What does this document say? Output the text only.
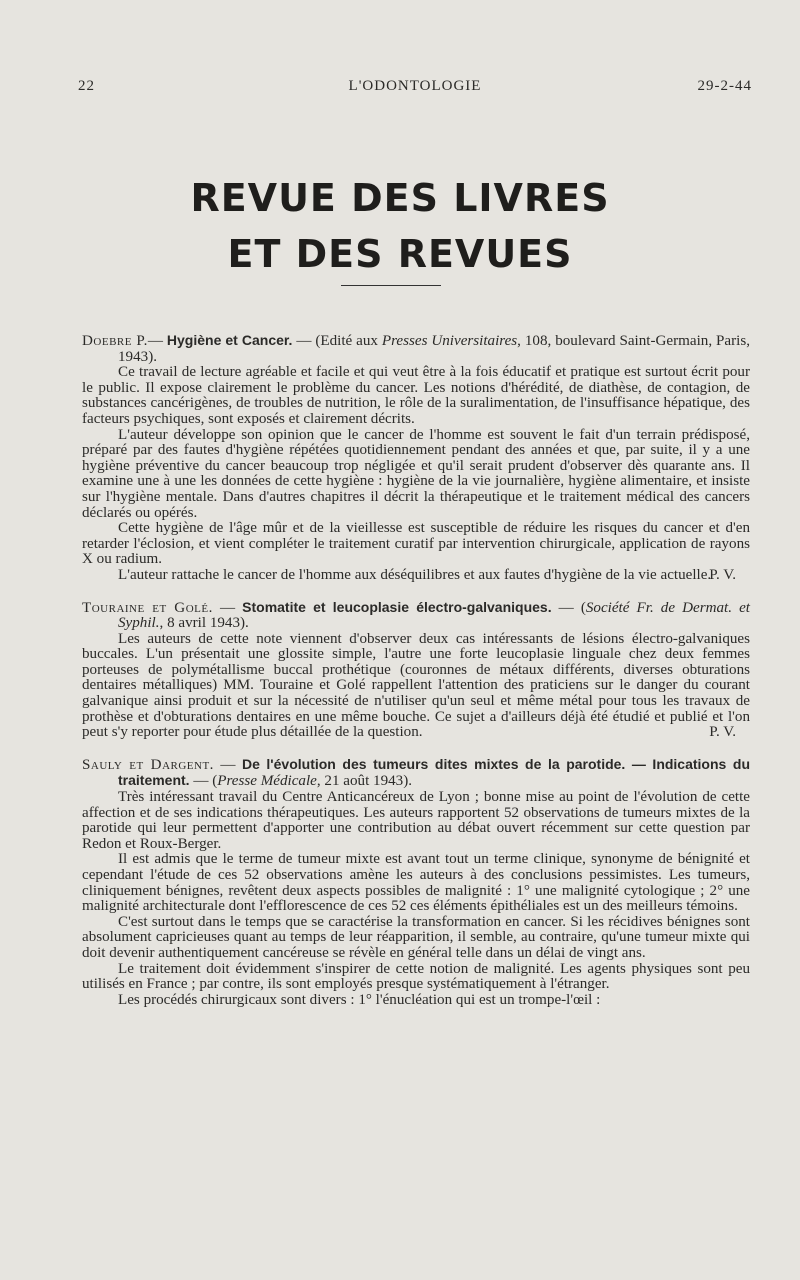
22	L'ODONTOLOGIE	29-2-44
REVUE DES LIVRES
ET DES REVUES

Doebre P.— Hygiène et Cancer. — (Edité aux Presses Universitaires, 108, boulevard Saint-Germain, Paris, 1943).

Ce travail de lecture agréable et facile et qui veut être à la fois éducatif et pratique est surtout écrit pour le public. Il expose clairement le problème du cancer. Les notions d'hérédité, de diathèse, de contagion, de substances cancérigènes, de troubles de nutrition, le rôle de la suralimentation, de l'insuffisance hépatique, des facteurs psychiques, sont exposés et clairement décrits.

L'auteur développe son opinion que le cancer de l'homme est souvent le fait d'un terrain prédisposé, préparé par des fautes d'hygiène répétées quotidiennement pendant des années et que, par suite, il y a une hygiène préventive du cancer beaucoup trop négligée et qu'il serait prudent d'observer dès quarante ans. Il examine une à une les données de cette hygiène : hygiène de la vie journalière, hygiène alimentaire, et insiste sur l'hygiène mentale. Dans d'autres chapitres il décrit la thérapeutique et le traitement médical des cancers déclarés ou opérés.

Cette hygiène de l'âge mûr et de la vieillesse est susceptible de réduire les risques du cancer et d'en retarder l'éclosion, et vient compléter le traitement curatif par intervention chirurgicale, application de rayons X ou radium.

L'auteur rattache le cancer de l'homme aux déséquilibres et aux fautes d'hygiène de la vie actuelle.

P. V.

Touraine et Golé. — Stomatite et leucoplasie électro-galvaniques. — (Société Fr. de Dermat. et Syphil., 8 avril 1943).

Les auteurs de cette note viennent d'observer deux cas intéressants de lésions électro-galvaniques buccales. L'un présentait une glossite simple, l'autre une forte leucoplasie linguale chez deux femmes porteuses de polymétallisme buccal prothétique (couronnes de métaux différents, diverses obturations dentaires métalliques) MM. Touraine et Golé rappellent l'attention des praticiens sur le danger du courant galvanique ainsi produit et sur la nécessité de n'utiliser qu'un seul et même métal pour tous les travaux de prothèse et d'obturations dentaires en une même bouche. Ce sujet a d'ailleurs déjà été étudié et publié et l'on peut s'y reporter pour étude plus détaillée de la question.	P. V.

Sauly et Dargent. — De l'évolution des tumeurs dites mixtes de la parotide. — Indications du traitement. — (Presse Médicale, 21 août 1943).

Très intéressant travail du Centre Anticancéreux de Lyon ; bonne mise au point de l'évolution de cette affection et de ses indications thérapeutiques. Les auteurs rapportent 52 observations de tumeurs mixtes de la parotide qui leur permettent d'apporter une contribution au débat ouvert récemment sur cette question par Redon et Roux-Berger.

Il est admis que le terme de tumeur mixte est avant tout un terme clinique, synonyme de bénignité et cependant l'étude de ces 52 observations amène les auteurs à des conclusions pessimistes. Les tumeurs, cliniquement bénignes, revêtent deux aspects possibles de malignité : 1° une malignité cytologique ; 2° une malignité architecturale dont l'efflorescence de ces 52 ces éléments épithéliales est un des meilleurs témoins.

C'est surtout dans le temps que se caractérise la transformation en cancer. Si les récidives bénignes sont absolument capricieuses quant au temps de leur réapparition, il semble, au contraire, qu'une tumeur mixte qui doit devenir authentiquement cancéreuse se révèle en général telle dans un délai de vingt ans.

Le traitement doit évidemment s'inspirer de cette notion de malignité. Les agents physiques sont peu utilisés en France ; par contre, ils sont employés presque systématiquement à l'étranger.

Les procédés chirurgicaux sont divers : 1° l'énucléation qui est un trompe-l'œil :
